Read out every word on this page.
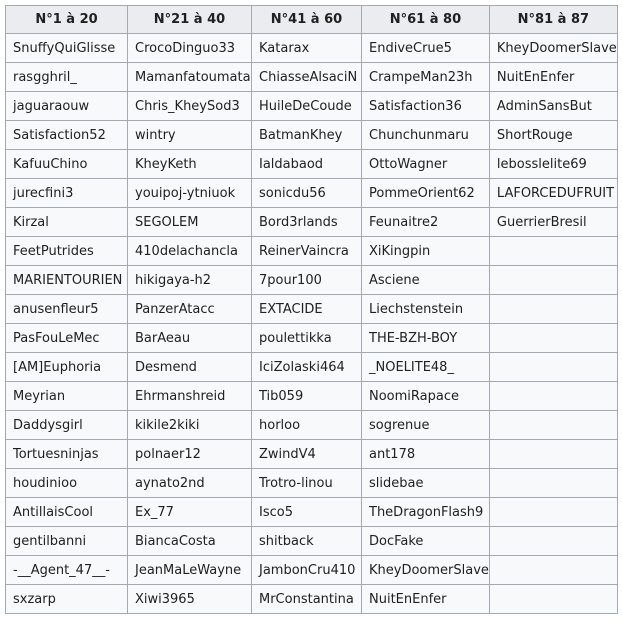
N°1 à 20	N°21 à 40	N°41 à 60	N°61 à 80	N°81 à 87
SnuffyQuiGlisse	CrocoDinguo33	Katarax	EndiveCrue5	KheyDoomerSlave
rasgghril_	Mamanfatoumata	ChiasseAlsaciN	CrampeMan23h	NuitEnEnfer
jaguaraouw	Chris_KheySod3	HuileDeCoude	Satisfaction36	AdminSansBut
Satisfaction52	wintry	BatmanKhey	Chunchunmaru	ShortRouge
KafuuChino	KheyKeth	Ialdabaod	OttoWagner	lebosslelite69
jurecfini3	youipoj-ytniuok	sonicdu56	PommeOrient62	LAFORCEDUFRUIT
Kirzal	SEGOLEM	Bord3rlands	Feunaitre2	GuerrierBresil
FeetPutrides	410delachancla	ReinerVaincra	XiKingpin	
MARIENTOURIEN	hikigaya-h2	7pour100	Asciene	
anusenfleur5	PanzerAtacc	EXTACIDE	Liechstenstein	
PasFouLeMec	BarAeau	poulettikka	THE-BZH-BOY	
[AM]Euphoria	Desmend	IciZolaski464	_NOELITE48_	
Meyrian	Ehrmanshreid	Tib059	NoomiRapace	
Daddysgirl	kikile2kiki	horloo	sogrenue	
Tortuesninjas	polnaer12	ZwindV4	ant178	
houdinioo	aynato2nd	Trotro-linou	slidebae	
AntillaisCool	Ex_77	Isco5	TheDragonFlash9	
gentilbanni	BiancaCosta	shitback	DocFake	
-__Agent_47__-	JeanMaLeWayne	JambonCru410	KheyDoomerSlave	
sxzarp	Xiwi3965	MrConstantina	NuitEnEnfer	
